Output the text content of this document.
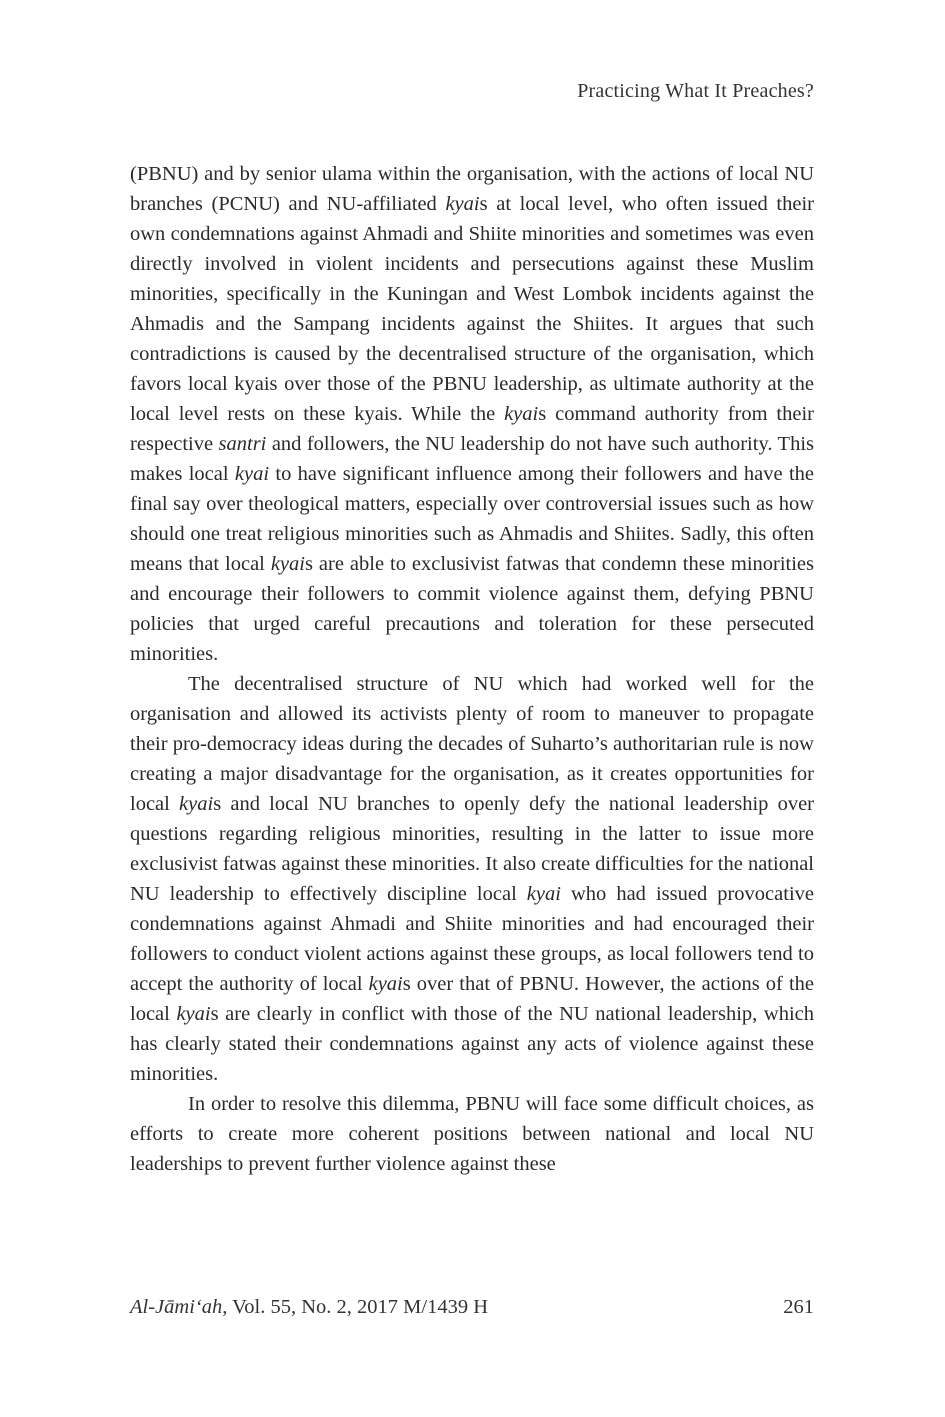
Practicing What It Preaches?

(PBNU) and by senior ulama within the organisation, with the actions of local NU branches (PCNU) and NU-affiliated kyais at local level, who often issued their own condemnations against Ahmadi and Shiite minorities and sometimes was even directly involved in violent incidents and persecutions against these Muslim minorities, specifically in the Kuningan and West Lombok incidents against the Ahmadis and the Sampang incidents against the Shiites. It argues that such contradictions is caused by the decentralised structure of the organisation, which favors local kyais over those of the PBNU leadership, as ultimate authority at the local level rests on these kyais. While the kyais command authority from their respective santri and followers, the NU leadership do not have such authority. This makes local kyai to have significant influence among their followers and have the final say over theological matters, especially over controversial issues such as how should one treat religious minorities such as Ahmadis and Shiites. Sadly, this often means that local kyais are able to exclusivist fatwas that condemn these minorities and encourage their followers to commit violence against them, defying PBNU policies that urged careful precautions and toleration for these persecuted minorities.

The decentralised structure of NU which had worked well for the organisation and allowed its activists plenty of room to maneuver to propagate their pro-democracy ideas during the decades of Suharto’s authoritarian rule is now creating a major disadvantage for the organisation, as it creates opportunities for local kyais and local NU branches to openly defy the national leadership over questions regarding religious minorities, resulting in the latter to issue more exclusivist fatwas against these minorities. It also create difficulties for the national NU leadership to effectively discipline local kyai who had issued provocative condemnations against Ahmadi and Shiite minorities and had encouraged their followers to conduct violent actions against these groups, as local followers tend to accept the authority of local kyais over that of PBNU. However, the actions of the local kyais are clearly in conflict with those of the NU national leadership, which has clearly stated their condemnations against any acts of violence against these minorities.

In order to resolve this dilemma, PBNU will face some difficult choices, as efforts to create more coherent positions between national and local NU leaderships to prevent further violence against these

Al-Jāmi‘ah, Vol. 55, No. 2, 2017 M/1439 H	261
